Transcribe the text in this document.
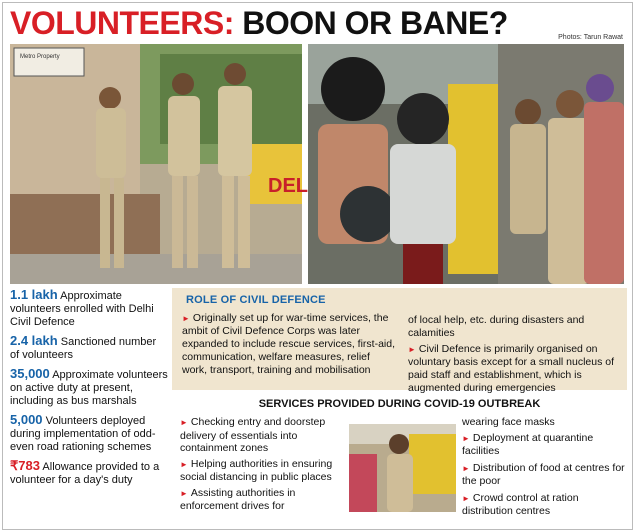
VOLUNTEERS: BOON OR BANE?	Photos: Tarun Rawat
Metro Property
DEL
1.1 lakh Approximate volunteers enrolled with Delhi Civil Defence
2.4 lakh Sanctioned number of volunteers
35,000 Approximate volunteers on active duty at present, including as bus marshals
5,000 Volunteers deployed during implementation of odd-even road rationing schemes
₹783 Allowance provided to a volunteer for a day's duty
ROLE OF CIVIL DEFENCE
► Originally set up for war-time services, the ambit of Civil Defence Corps was later expanded to include rescue services, first-aid, communication, welfare measures, relief work, transport, training and mobilisation
of local help, etc. during disasters and calamities
► Civil Defence is primarily organised on voluntary basis except for a small nucleus of paid staff and establishment, which is augmented during emergencies
SERVICES PROVIDED DURING COVID-19 OUTBREAK
► Checking entry and doorstep delivery of essentials into containment zones
► Helping authorities in ensuring social distancing in public places
► Assisting authorities in enforcement drives for
wearing face masks
► Deployment at quarantine facilities
► Distribution of food at centres for the poor
► Crowd control at ration distribution centres
